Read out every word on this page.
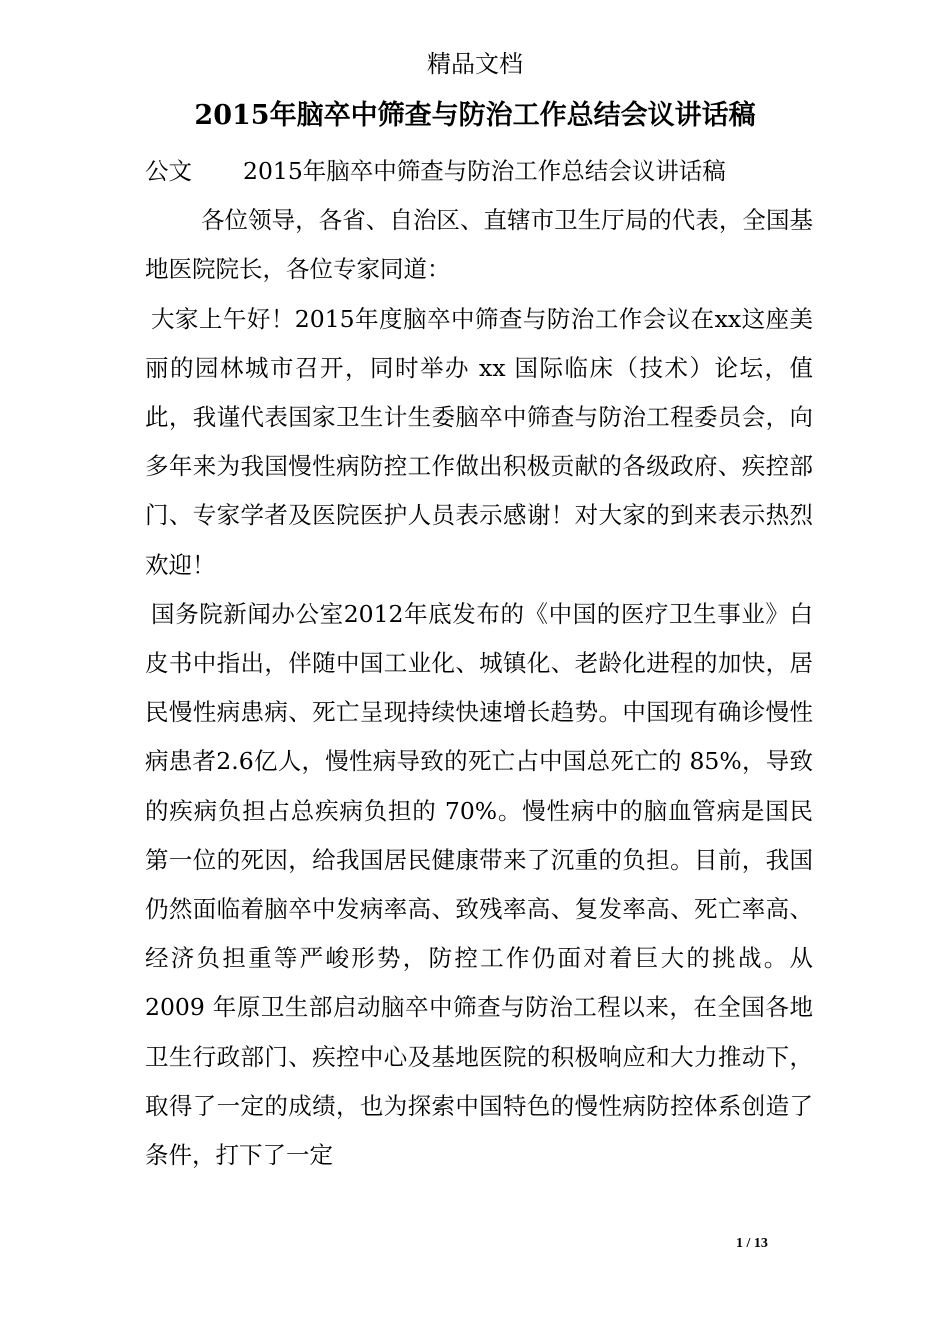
精品文档
2015年脑卒中筛查与防治工作总结会议讲话稿

公文 2015年脑卒中筛查与防治工作总结会议讲话稿

各位领导，各省、自治区、直辖市卫生厅局的代表，全国基地医院院长，各位专家同道：

大家上午好！2015年度脑卒中筛查与防治工作会议在xx这座美丽的园林城市召开，同时举办 xx 国际临床（技术）论坛，值此，我谨代表国家卫生计生委脑卒中筛查与防治工程委员会，向多年来为我国慢性病防控工作做出积极贡献的各级政府、疾控部门、专家学者及医院医护人员表示感谢！对大家的到来表示热烈欢迎！

国务院新闻办公室2012年底发布的《中国的医疗卫生事业》白皮书中指出，伴随中国工业化、城镇化、老龄化进程的加快，居民慢性病患病、死亡呈现持续快速增长趋势。中国现有确诊慢性病患者2.6亿人，慢性病导致的死亡占中国总死亡的 85%，导致的疾病负担占总疾病负担的 70%。慢性病中的脑血管病是国民第一位的死因，给我国居民健康带来了沉重的负担。目前，我国仍然面临着脑卒中发病率高、致残率高、复发率高、死亡率高、经济负担重等严峻形势，防控工作仍面对着巨大的挑战。从 2009 年原卫生部启动脑卒中筛查与防治工程以来，在全国各地卫生行政部门、疾控中心及基地医院的积极响应和大力推动下，取得了一定的成绩，也为探索中国特色的慢性病防控体系创造了条件，打下了一定

1 / 13
